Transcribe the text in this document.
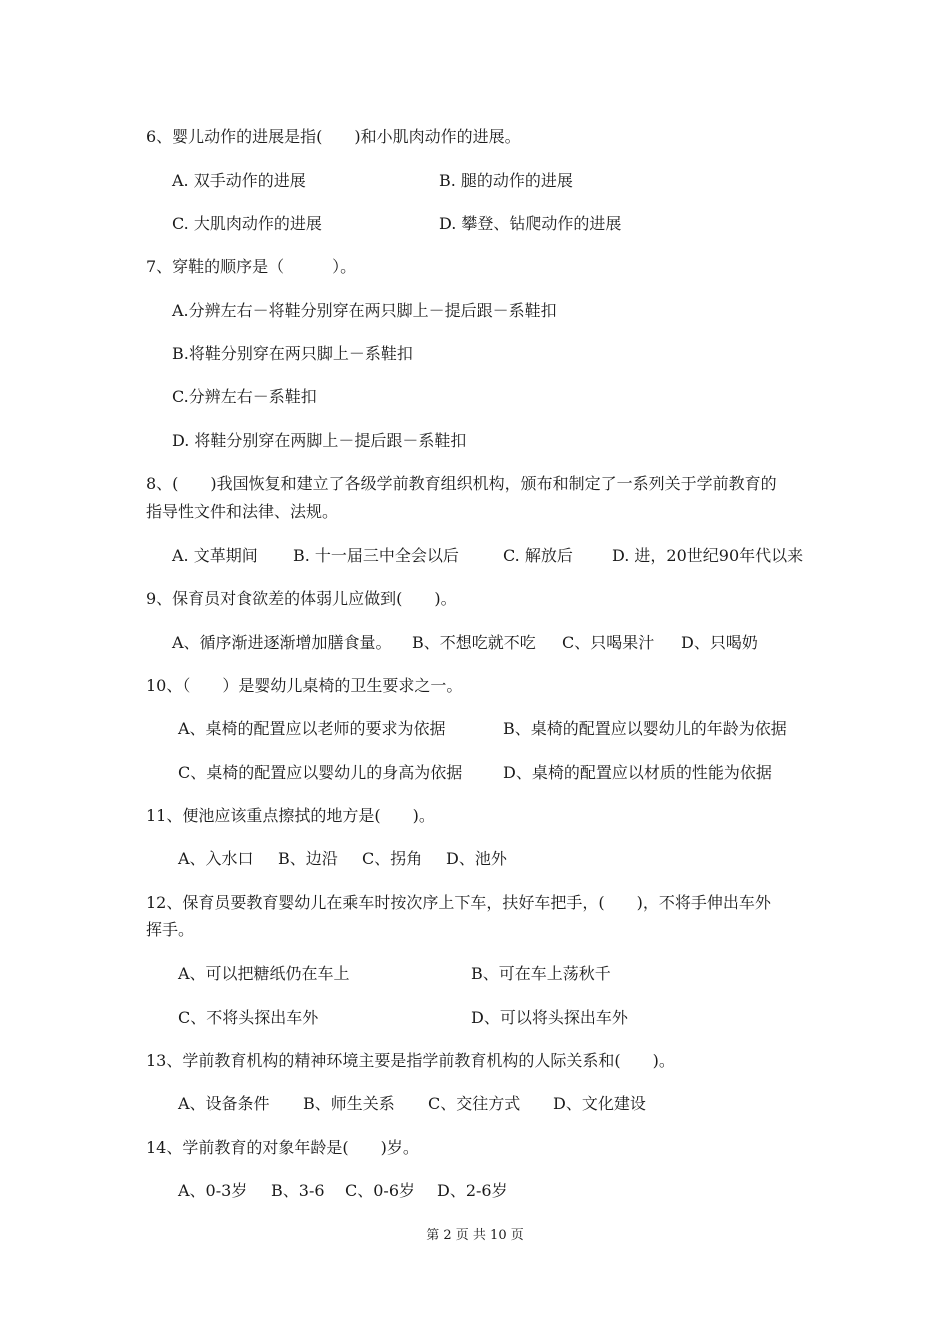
6、婴儿动作的进展是指(　　)和小肌肉动作的进展。
A. 双手动作的进展	B. 腿的动作的进展
C. 大肌肉动作的进展	D. 攀登、钻爬动作的进展
7、穿鞋的顺序是（　　　）。
A.分辨左右－将鞋分别穿在两只脚上－提后跟－系鞋扣
B.将鞋分别穿在两只脚上－系鞋扣
C.分辨左右－系鞋扣
D. 将鞋分别穿在两脚上－提后跟－系鞋扣
8、(　　)我国恢复和建立了各级学前教育组织机构，颁布和制定了一系列关于学前教育的
指导性文件和法律、法规。
A. 文革期间 B. 十一届三中全会以后	C. 解放后 D. 进，20世纪90年代以来
9、保育员对食欲差的体弱儿应做到(　　)。
A、循序渐进逐渐增加膳食量。 B、不想吃就不吃 C、只喝果汁 D、只喝奶
10、（　　）是婴幼儿桌椅的卫生要求之一。
A、桌椅的配置应以老师的要求为依据	B、桌椅的配置应以婴幼儿的年龄为依据
C、桌椅的配置应以婴幼儿的身高为依据	D、桌椅的配置应以材质的性能为依据
11、便池应该重点擦拭的地方是(　　)。
A、入水口 B、边沿 C、拐角 D、池外
12、保育员要教育婴幼儿在乘车时按次序上下车，扶好车把手，(　　)，不将手伸出车外
挥手。
A、可以把糖纸仍在车上	B、可在车上荡秋千
C、不将头探出车外	D、可以将头探出车外
13、学前教育机构的精神环境主要是指学前教育机构的人际关系和(　　)。
A、设备条件 B、师生关系 C、交往方式 D、文化建设
14、学前教育的对象年龄是(　　)岁。
A、0-3岁 B、3-6 C、0-6岁 D、2-6岁
第 2 页 共 10 页
